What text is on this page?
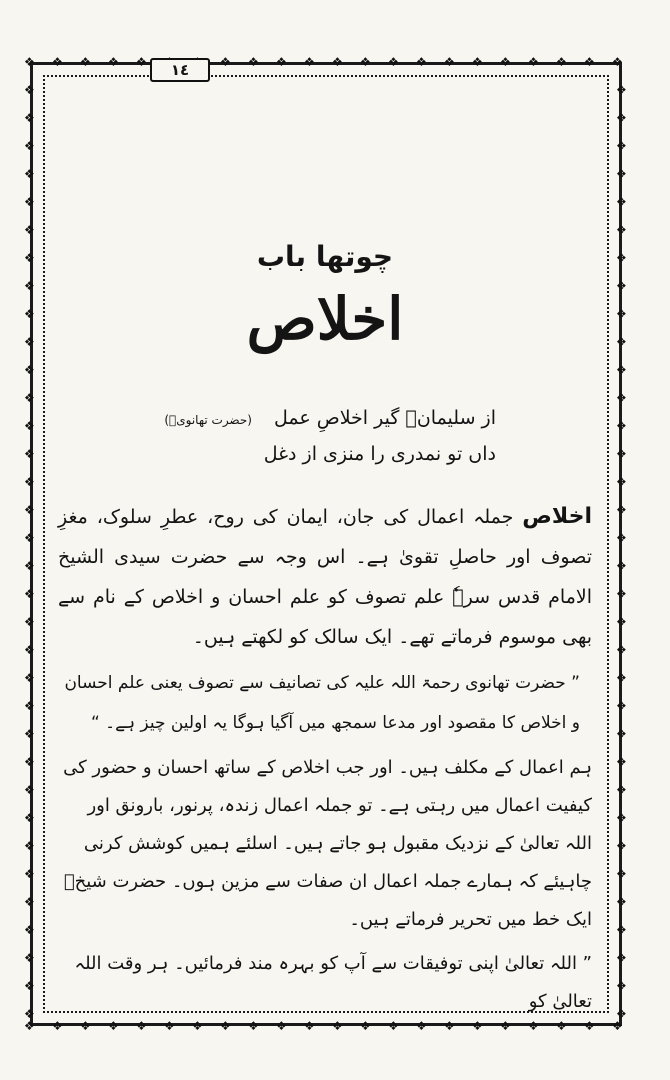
❖
❖
❖
❖
❖
❖
❖
❖
❖
❖ ❖ ❖
❖
❖
❖
❖
❖
❖
❖
❖
❖
❖
❖
❖
❖
❖
❖
❖
❖
❖
❖
❖
❖
❖
❖
❖
❖
❖
❖
❖
❖
❖
❖	❖
❖	❖
❖	❖
❖	❖
❖	❖
❖	❖
❖	❖
❖	❖
❖	❖
❖	❖
❖	❖
❖	❖
❖	❖
❖	❖
❖	❖
❖	❖
❖	❖
❖	❖
❖	❖
❖	❖
❖	❖
❖	❖
❖	❖
❖	❖
❖	❖
❖	❖
❖	❖
❖	❖
❖	❖
❖	❖
❖	❖
❖	❖
❖	❖
❖	❖
١٤

چوتھا باب

اخلاص

از سلیمانؑ گیر اخلاصِ عمل (حضرت تھانویؒ)
داں تو نمدری را منزی از دغل

اخلاص جملہ اعمال کی جان، ایمان کی روح، عطرِ سلوک، مغزِ تصوف اور حاصلِ تقویٰ ہے۔ اس وجہ سے حضرت سیدی الشیخ الامام قدس سرہٗ علم تصوف کو علم احسان و اخلاص کے نام سے بھی موسوم فرماتے تھے۔ ایک سالک کو لکھتے ہیں۔

” حضرت تھانوی رحمۃ اللہ علیہ کی تصانیف سے تصوف یعنی علم احسان و اخلاص کا مقصود اور مدعا سمجھ میں آگیا ہوگا یہ اولین چیز ہے۔ “

ہم اعمال کے مکلف ہیں۔ اور جب اخلاص کے ساتھ احسان و حضور کی کیفیت اعمال میں رہتی ہے۔ تو جملہ اعمال زندہ، پرنور، بارونق اور اللہ تعالیٰ کے نزدیک مقبول ہو جاتے ہیں۔ اسلئے ہمیں کوشش کرنی چاہیئے کہ ہمارے جملہ اعمال ان صفات سے مزین ہوں۔ حضرت شیخؒ ایک خط میں تحریر فرماتے ہیں۔

” اللہ تعالیٰ اپنی توفیقات سے آپ کو بہرہ مند فرمائیں۔ ہر وقت اللہ تعالیٰ کو
